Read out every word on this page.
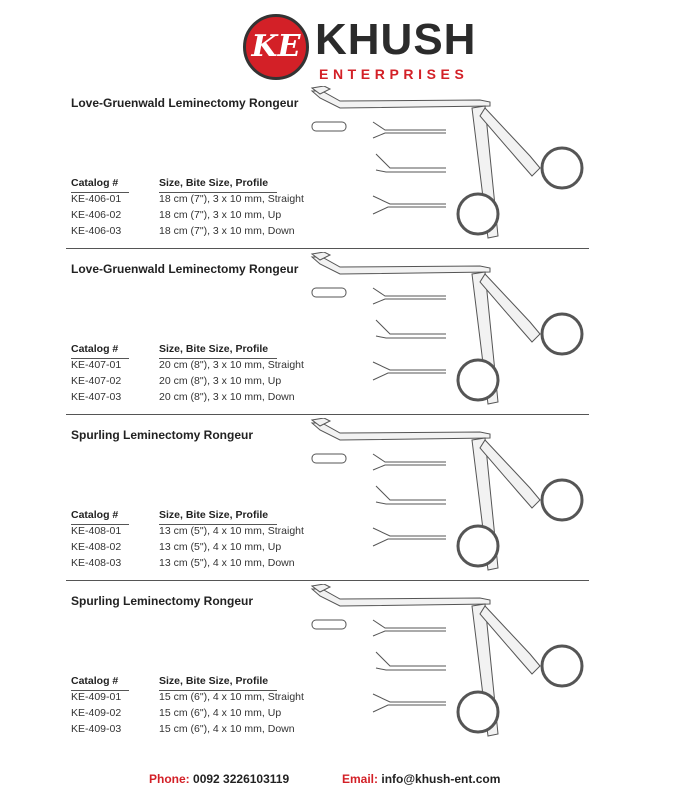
KE KHUSH
ENTERPRISES
Love-Gruenwald Leminectomy Rongeur
Catalog #	Size, Bite Size, Profile
KE-406-01	18 cm (7"), 3 x 10 mm, Straight
KE-406-02	18 cm (7"), 3 x 10 mm, Up
KE-406-03	18 cm (7"), 3 x 10 mm, Down
Love-Gruenwald Leminectomy Rongeur
Catalog #	Size, Bite Size, Profile
KE-407-01	20 cm (8"), 3 x 10 mm, Straight
KE-407-02	20 cm (8"), 3 x 10 mm, Up
KE-407-03	20 cm (8"), 3 x 10 mm, Down
Spurling Leminectomy Rongeur
Catalog #	Size, Bite Size, Profile
KE-408-01	13 cm (5"), 4 x 10 mm, Straight
KE-408-02	13 cm (5"), 4 x 10 mm, Up
KE-408-03	13 cm (5"), 4 x 10 mm, Down
Spurling Leminectomy Rongeur
Catalog #	Size, Bite Size, Profile
KE-409-01	15 cm (6"), 4 x 10 mm, Straight
KE-409-02	15 cm (6"), 4 x 10 mm, Up
KE-409-03	15 cm (6"), 4 x 10 mm, Down
Phone: 0092 3226103119	Email: info@khush-ent.com
